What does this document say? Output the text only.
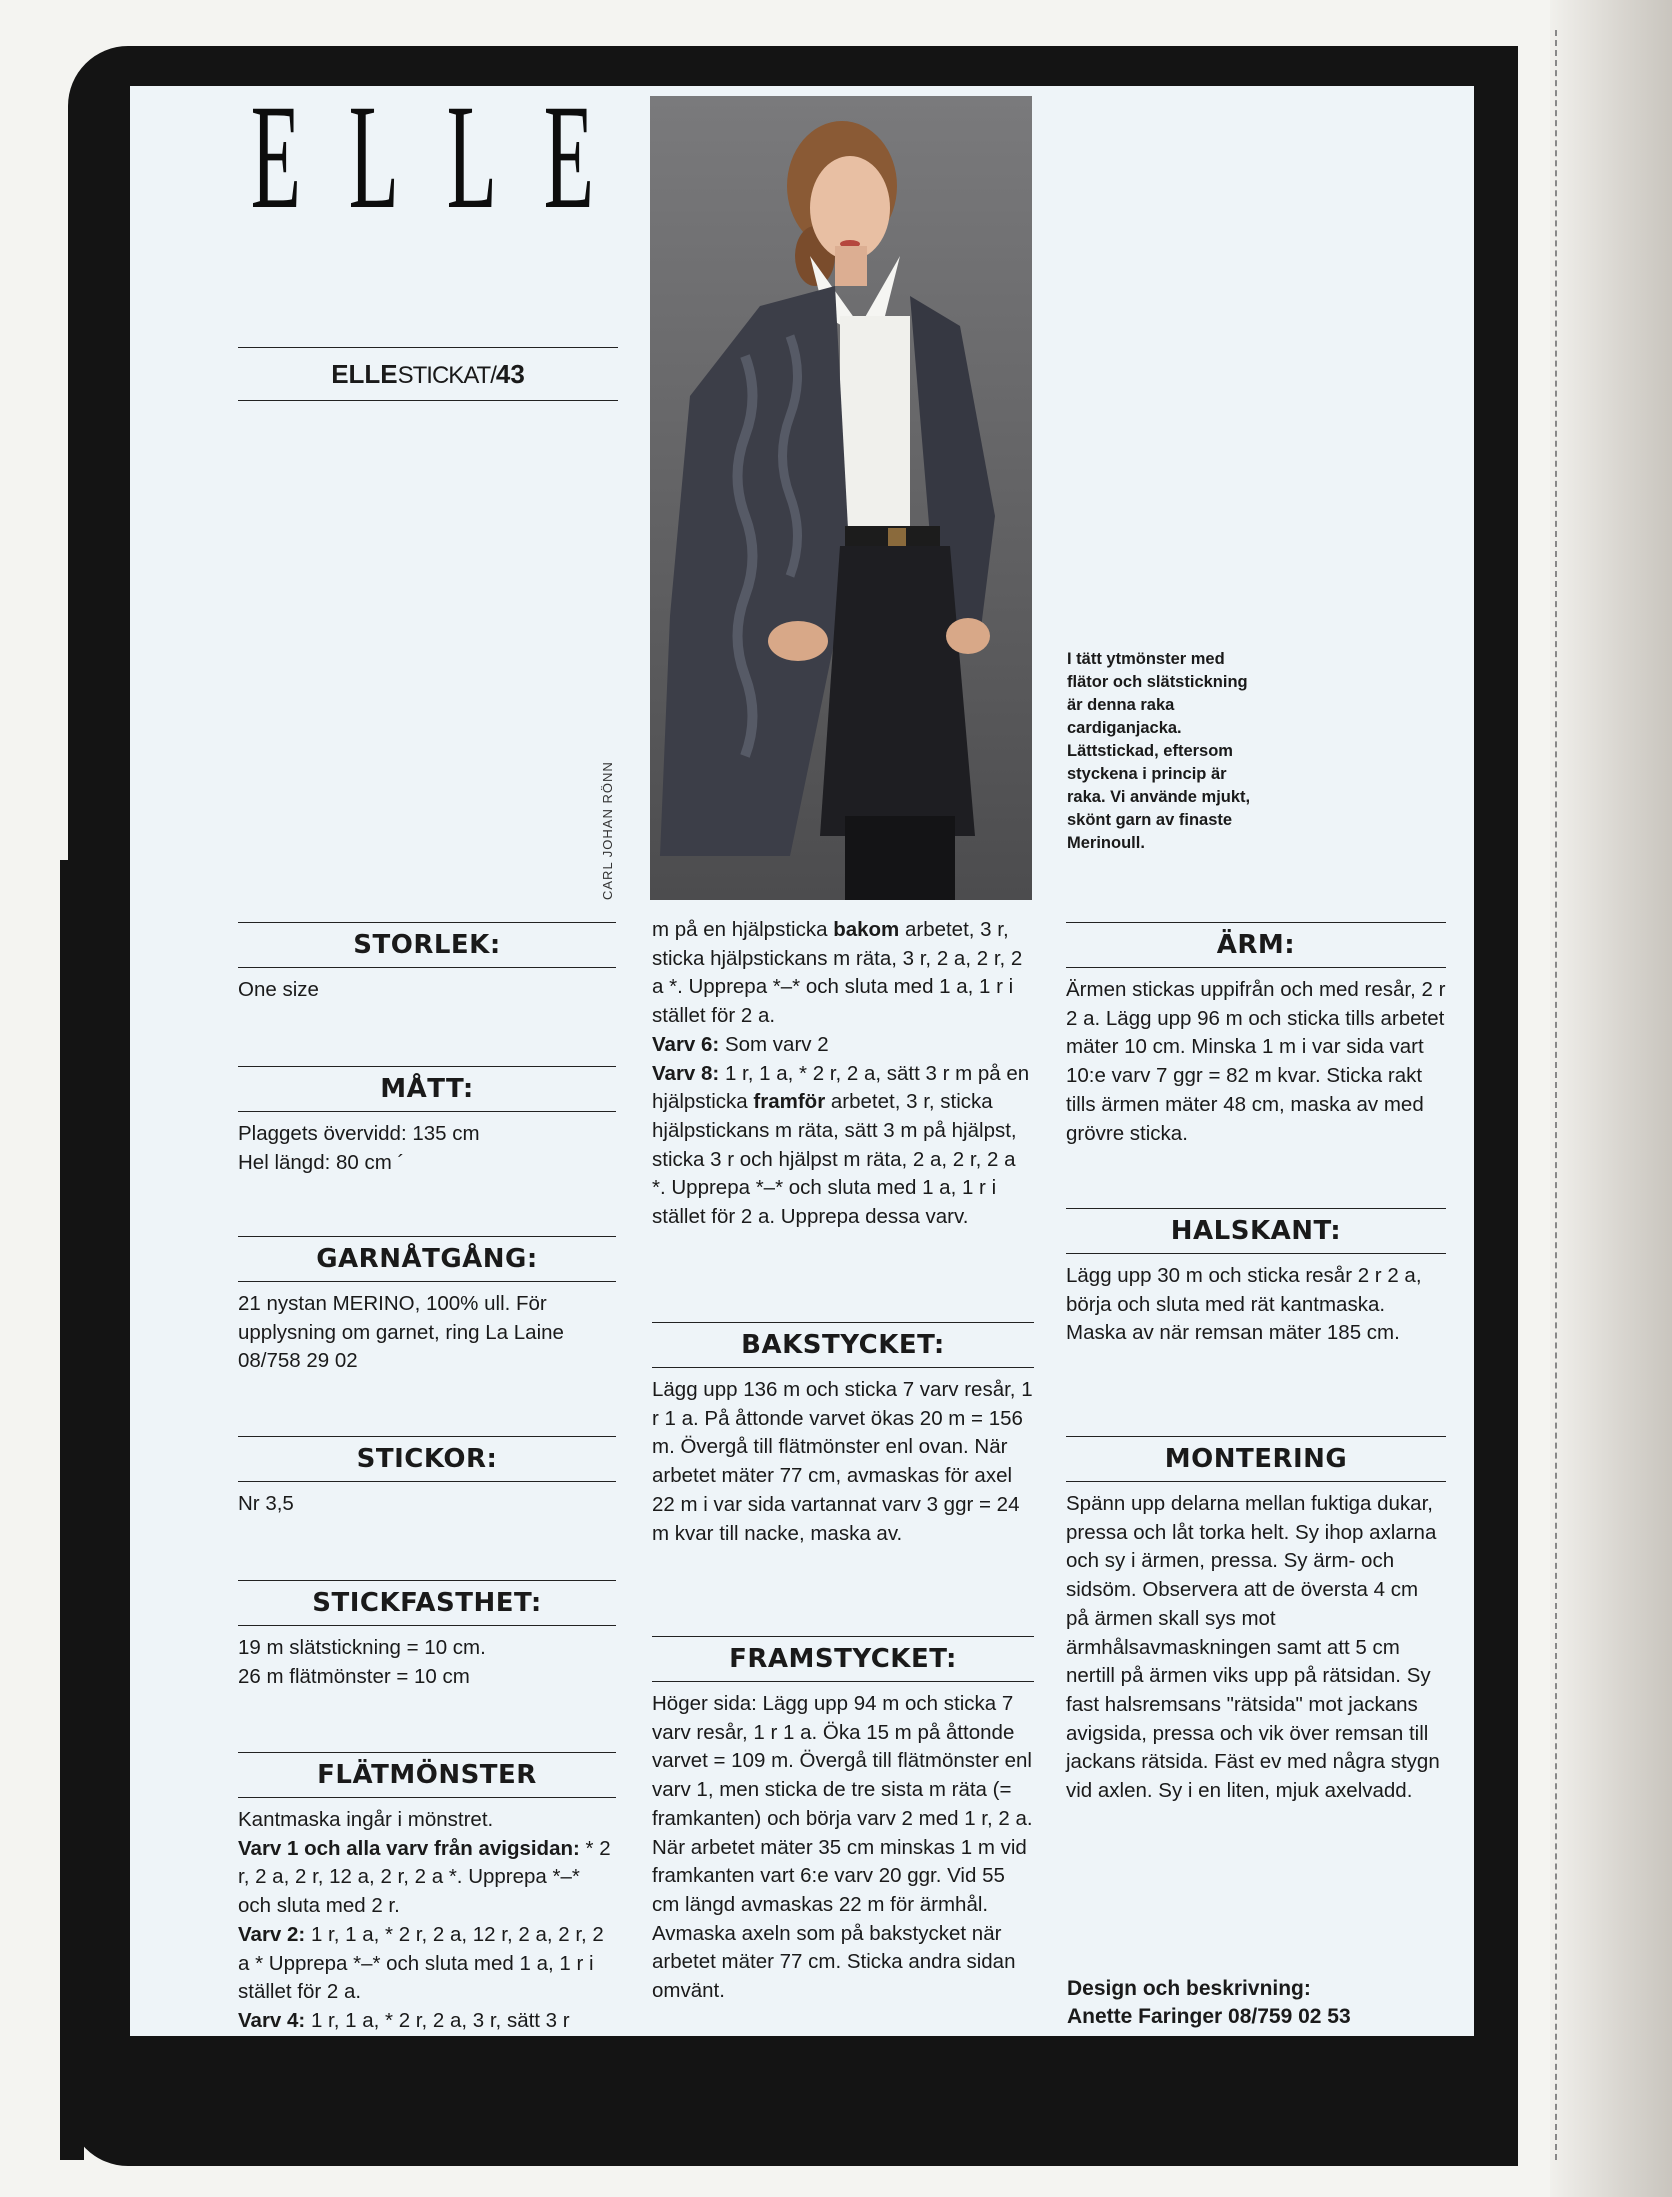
E L L E
ELLESTICKAT/43
CARL JOHAN RÖNN
I tätt ytmönster med flätor och slätstickning är denna raka cardiganjacka. Lättstickad, eftersom styckena i princip är raka. Vi använde mjukt, skönt garn av finaste Merinoull.
STORLEK:

One size

MÅTT:

Plaggets övervidd: 135 cm

Hel längd: 80 cm ´

GARNÅTGÅNG:

21 nystan MERINO, 100% ull. För upplysning om garnet, ring La Laine 08/758 29 02

STICKOR:

Nr 3,5

STICKFASTHET:

19 m slätstickning = 10 cm.

26 m flätmönster = 10 cm

FLÄTMÖNSTER

Kantmaska ingår i mönstret.

Varv 1 och alla varv från avigsidan: * 2 r, 2 a, 2 r, 12 a, 2 r, 2 a *. Upprepa *–* och sluta med 2 r.

Varv 2: 1 r, 1 a, * 2 r, 2 a, 12 r, 2 a, 2 r, 2 a * Upprepa *–* och sluta med 1 a, 1 r i stället för 2 a.

Varv 4: 1 r, 1 a, * 2 r, 2 a, 3 r, sätt 3 r

m på en hjälpsticka bakom arbetet, 3 r, sticka hjälpstickans m räta, 3 r, 2 a, 2 r, 2 a *. Upprepa *–* och sluta med 1 a, 1 r i stället för 2 a.

Varv 6: Som varv 2

Varv 8: 1 r, 1 a, * 2 r, 2 a, sätt 3 r m på en hjälpsticka framför arbetet, 3 r, sticka hjälpstickans m räta, sätt 3 m på hjälpst, sticka 3 r och hjälpst m räta, 2 a, 2 r, 2 a *. Upprepa *–* och sluta med 1 a, 1 r i stället för 2 a. Upprepa dessa varv.

BAKSTYCKET:

Lägg upp 136 m och sticka 7 varv resår, 1 r 1 a. På åttonde varvet ökas 20 m = 156 m. Övergå till flätmönster enl ovan. När arbetet mäter 77 cm, avmaskas för axel 22 m i var sida vartannat varv 3 ggr = 24 m kvar till nacke, maska av.

FRAMSTYCKET:

Höger sida: Lägg upp 94 m och sticka 7 varv resår, 1 r 1 a. Öka 15 m på åttonde varvet = 109 m. Övergå till flätmönster enl varv 1, men sticka de tre sista m räta (= framkanten) och börja varv 2 med 1 r, 2 a. När arbetet mäter 35 cm minskas 1 m vid framkanten vart 6:e varv 20 ggr. Vid 55 cm längd avmaskas 22 m för ärmhål. Avmaska axeln som på bakstycket när arbetet mäter 77 cm. Sticka andra sidan omvänt.

ÄRM:

Ärmen stickas uppifrån och med resår, 2 r 2 a. Lägg upp 96 m och sticka tills arbetet mäter 10 cm. Minska 1 m i var sida vart 10:e varv 7 ggr = 82 m kvar. Sticka rakt tills ärmen mäter 48 cm, maska av med grövre sticka.

HALSKANT:

Lägg upp 30 m och sticka resår 2 r 2 a, börja och sluta med rät kantmaska. Maska av när remsan mäter 185 cm.

MONTERING

Spänn upp delarna mellan fuktiga dukar, pressa och låt torka helt. Sy ihop axlarna och sy i ärmen, pressa. Sy ärm- och sidsöm. Observera att de översta 4 cm på ärmen skall sys mot ärmhålsavmaskningen samt att 5 cm nertill på ärmen viks upp på rätsidan. Sy fast halsremsans "rätsida" mot jackans avigsida, pressa och vik över remsan till jackans rätsida. Fäst ev med några stygn vid axlen. Sy i en liten, mjuk axelvadd.

Design och beskrivning:
Anette Faringer 08/759 02 53
